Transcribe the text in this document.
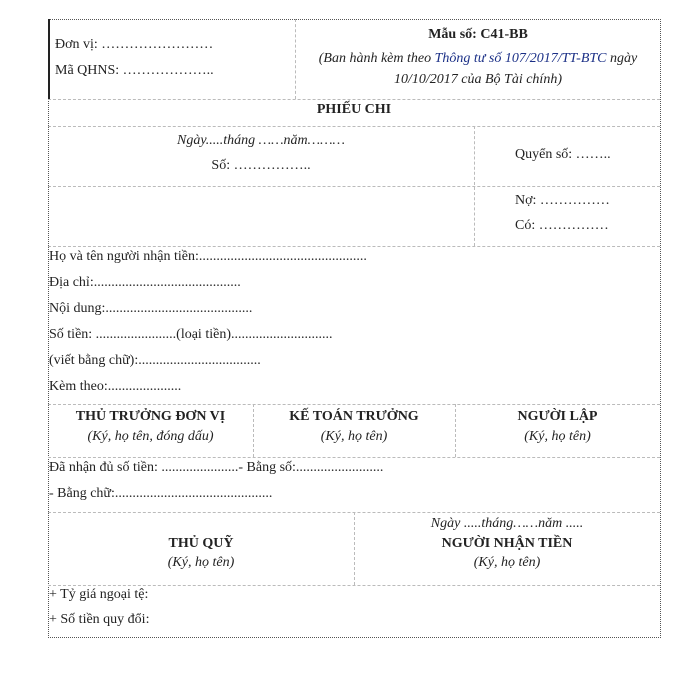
Đơn vị: ……………………
Mã QHNS: ………………..
Mẫu số: C41-BB
(Ban hành kèm theo Thông tư số 107/2017/TT-BTC ngày
10/10/2017 của Bộ Tài chính)
PHIẾU CHI
Ngày.....tháng ……năm………
Số: ……………..
Quyển số: ……..
Nợ: ……………
Có: ……………
Họ và tên người nhận tiền:................................................
Địa chỉ:..........................................
Nội dung:..........................................
Số tiền: .......................(loại tiền).............................
(viết bằng chữ):...................................
Kèm theo:.....................
THỦ TRƯỞNG ĐƠN VỊ
(Ký, họ tên, đóng dấu)
KẾ TOÁN TRƯỞNG
(Ký, họ tên)
NGƯỜI LẬP
(Ký, họ tên)
Đã nhận đủ số tiền: ......................- Bằng số:.........................
- Bằng chữ:.............................................
THỦ QUỸ
(Ký, họ tên)
Ngày .....tháng……năm .....
NGƯỜI NHẬN TIỀN
(Ký, họ tên)
+ Tỷ giá ngoại tệ:
+ Số tiền quy đổi:
